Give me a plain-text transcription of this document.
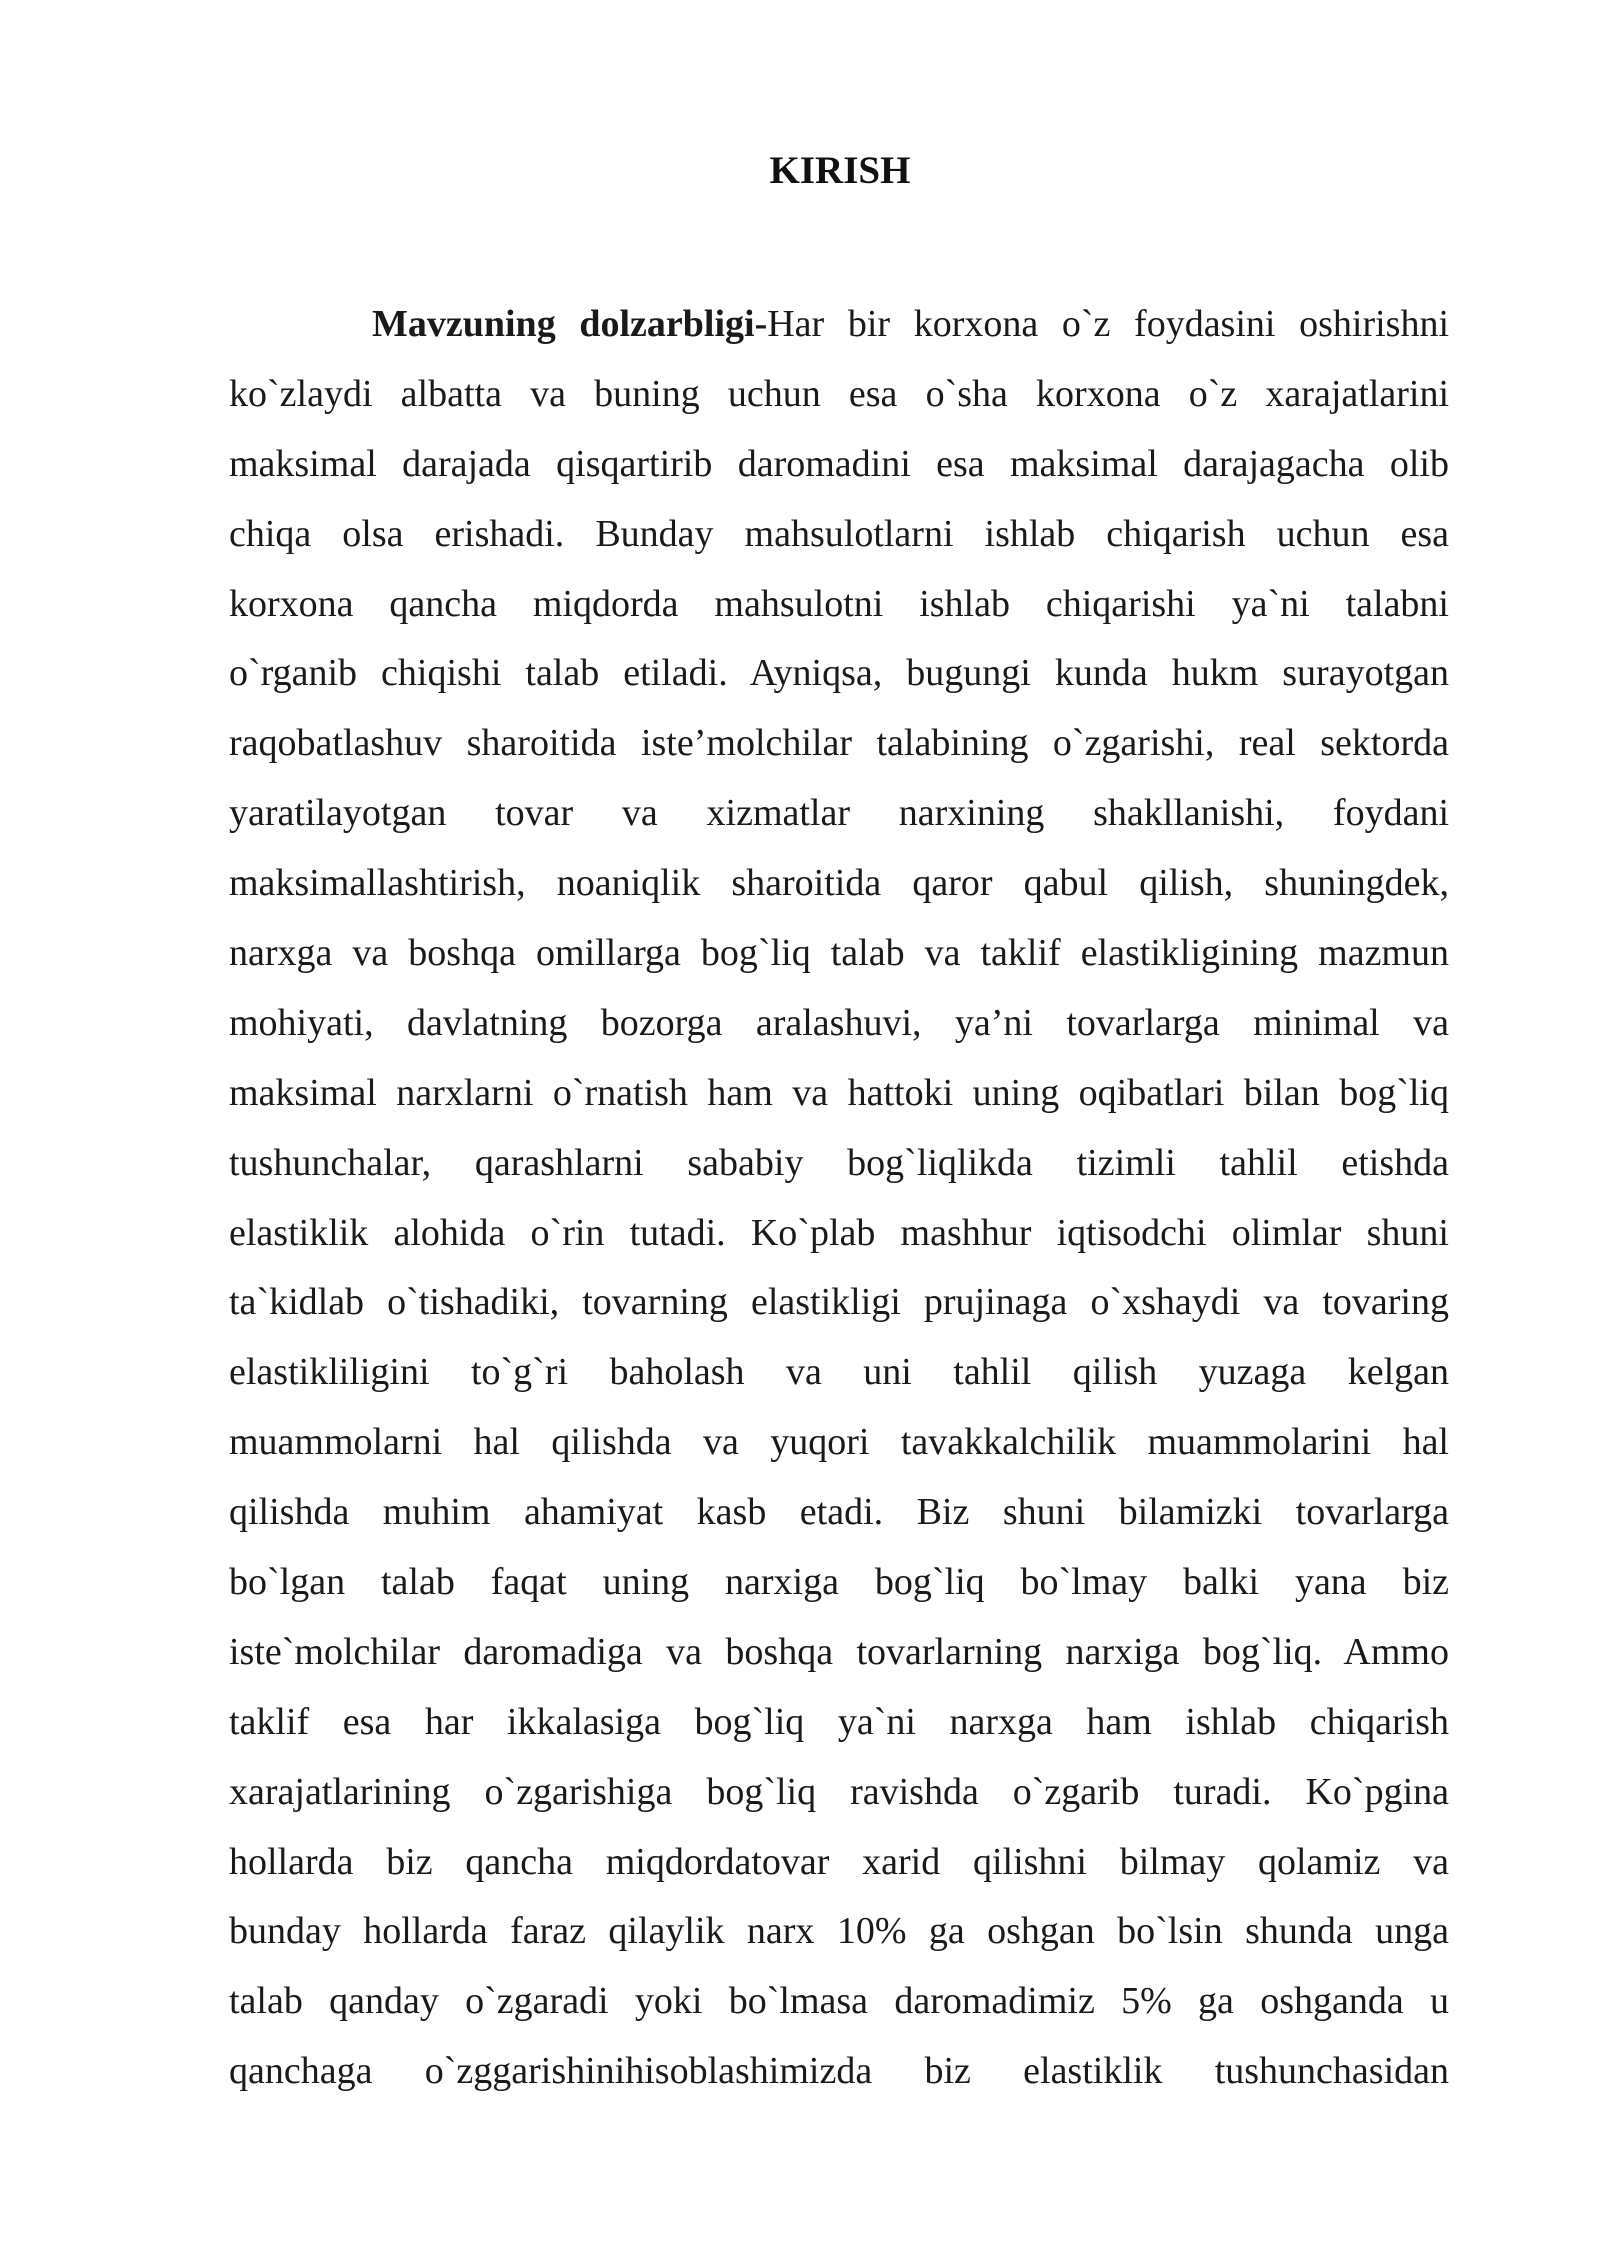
KIRISH
Mavzuning dolzarbligi-Har bir korxona o`z foydasini oshirishni
ko`zlaydi albatta va buning uchun esa o`sha korxona o`z xarajatlarini
maksimal darajada qisqartirib daromadini esa maksimal darajagacha olib
chiqa olsa erishadi. Bunday mahsulotlarni ishlab chiqarish uchun esa
korxona qancha miqdorda mahsulotni ishlab chiqarishi ya`ni talabni
o`rganib chiqishi talab etiladi. Ayniqsa, bugungi kunda hukm surayotgan
raqobatlashuv sharoitida iste’molchilar talabining o`zgarishi, real sektorda
yaratilayotgan tovar va xizmatlar narxining shakllanishi, foydani
maksimallashtirish, noaniqlik sharoitida qaror qabul qilish, shuningdek,
narxga va boshqa omillarga bog`liq talab va taklif elastikligining mazmun
mohiyati, davlatning bozorga aralashuvi, ya’ni tovarlarga minimal va
maksimal narxlarni o`rnatish ham va hattoki uning oqibatlari bilan bog`liq
tushunchalar, qarashlarni sababiy bog`liqlikda tizimli tahlil etishda
elastiklik alohida o`rin tutadi. Ko`plab mashhur iqtisodchi olimlar shuni
ta`kidlab o`tishadiki, tovarning elastikligi prujinaga o`xshaydi va tovaring
elastikliligini to`g`ri baholash va uni tahlil qilish yuzaga kelgan
muammolarni hal qilishda va yuqori tavakkalchilik muammolarini hal
qilishda muhim ahamiyat kasb etadi. Biz shuni bilamizki tovarlarga
bo`lgan talab faqat uning narxiga bog`liq bo`lmay balki yana biz
iste`molchilar daromadiga va boshqa tovarlarning narxiga bog`liq. Ammo
taklif esa har ikkalasiga bog`liq ya`ni narxga ham ishlab chiqarish
xarajatlarining o`zgarishiga bog`liq ravishda o`zgarib turadi. Ko`pgina
hollarda biz qancha miqdordatovar xarid qilishni bilmay qolamiz va
bunday hollarda faraz qilaylik narx 10% ga oshgan bo`lsin shunda unga
talab qanday o`zgaradi yoki bo`lmasa daromadimiz 5% ga oshganda u
qanchaga o`zggarishinihisoblashimizda biz elastiklik tushunchasidan
